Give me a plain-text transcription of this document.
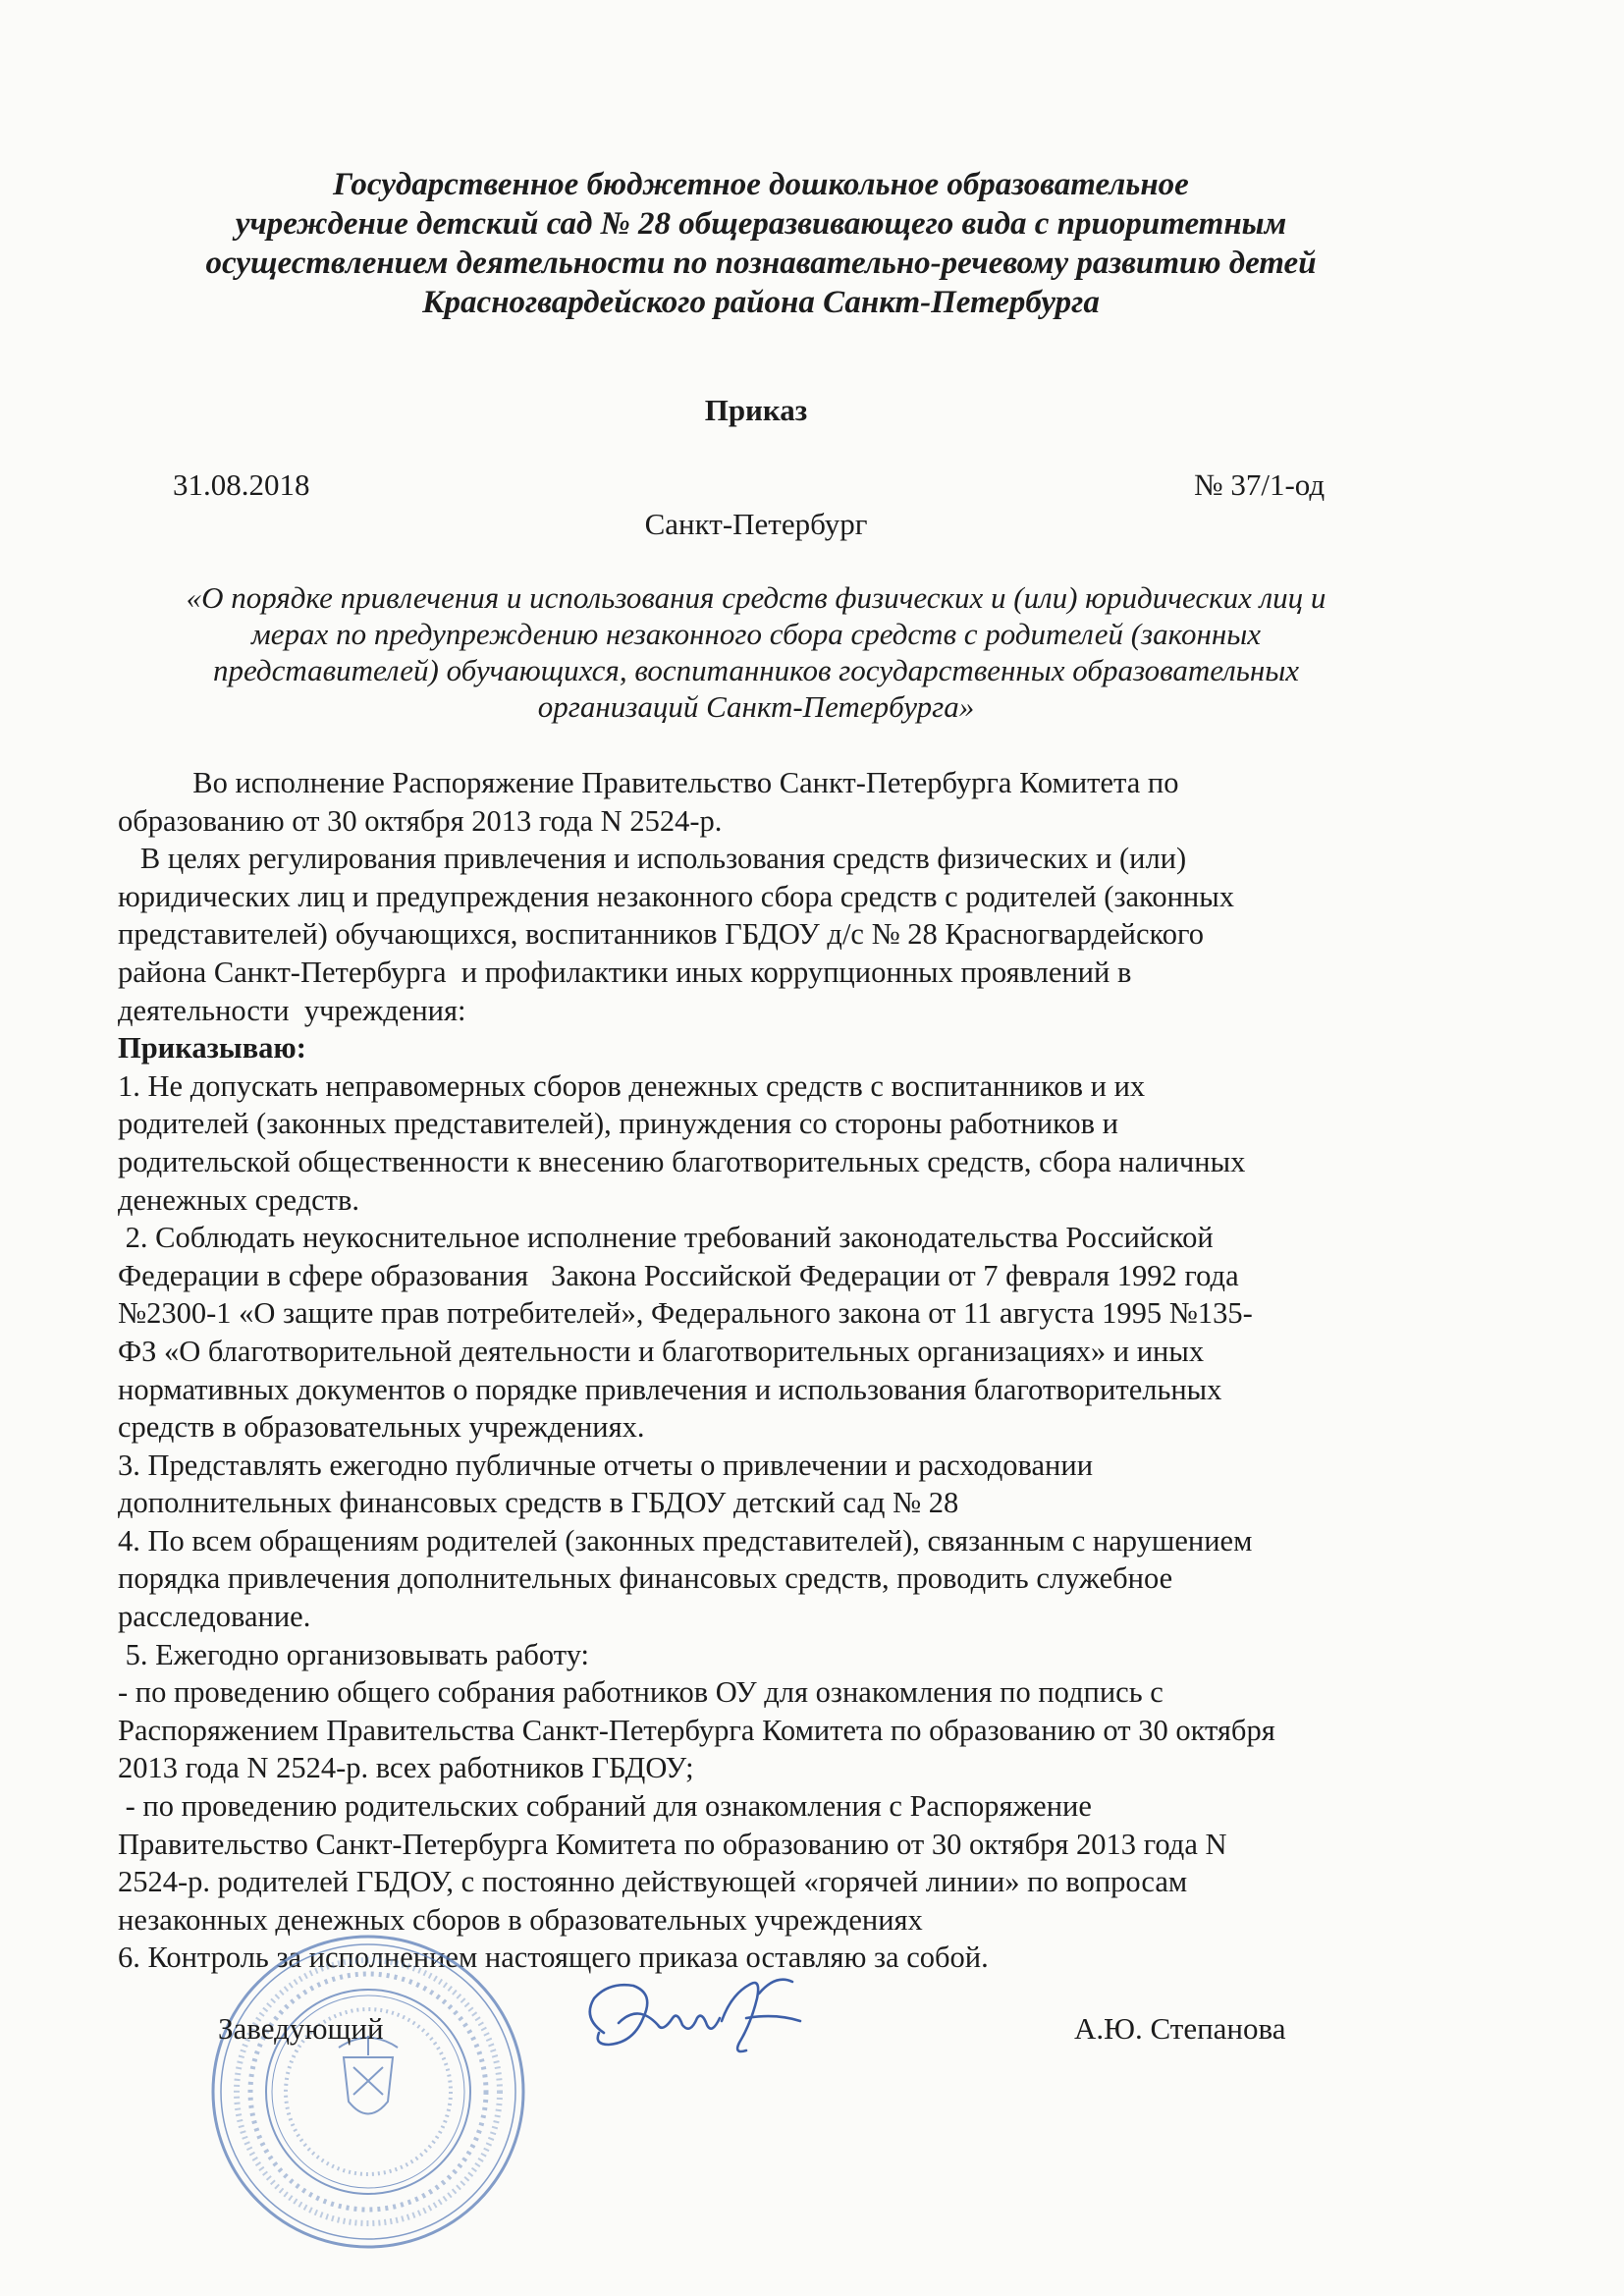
Государственное бюджетное дошкольное образовательное
учреждение детский сад № 28 общеразвивающего вида с приоритетным
осуществлением деятельности по познавательно-речевому развитию детей
Красногвардейского района Санкт-Петербурга
Приказ
31.08.2018	№ 37/1-од
Санкт-Петербург
«О порядке привлечения и использования средств физических и (или) юридических лиц и
мерах по предупреждению незаконного сбора средств с родителей (законных
представителей) обучающихся, воспитанников государственных образовательных
организаций Санкт-Петербурга»
Во исполнение Распоряжение Правительство Санкт-Петербурга Комитета по
образованию от 30 октября 2013 года N 2524-р.
В целях регулирования привлечения и использования средств физических и (или)
юридических лиц и предупреждения незаконного сбора средств с родителей (законных
представителей) обучающихся, воспитанников ГБДОУ д/с № 28 Красногвардейского
района Санкт-Петербурга  и профилактики иных коррупционных проявлений в
деятельности  учреждения:
Приказываю:
1. Не допускать неправомерных сборов денежных средств с воспитанников и их
родителей (законных представителей), принуждения со стороны работников и
родительской общественности к внесению благотворительных средств, сбора наличных
денежных средств.
2. Соблюдать неукоснительное исполнение требований законодательства Российской
Федерации в сфере образования   Закона Российской Федерации от 7 февраля 1992 года
№2300-1 «О защите прав потребителей», Федерального закона от 11 августа 1995 №135-
ФЗ «О благотворительной деятельности и благотворительных организациях» и иных
нормативных документов о порядке привлечения и использования благотворительных
средств в образовательных учреждениях.
3. Представлять ежегодно публичные отчеты о привлечении и расходовании
дополнительных финансовых средств в ГБДОУ детский сад № 28
4. По всем обращениям родителей (законных представителей), связанным с нарушением
порядка привлечения дополнительных финансовых средств, проводить служебное
расследование.
5. Ежегодно организовывать работу:
- по проведению общего собрания работников ОУ для ознакомления по подпись с
Распоряжением Правительства Санкт-Петербурга Комитета по образованию от 30 октября
2013 года N 2524-р. всех работников ГБДОУ;
- по проведению родительских собраний для ознакомления с Распоряжение
Правительство Санкт-Петербурга Комитета по образованию от 30 октября 2013 года N
2524-р. родителей ГБДОУ, с постоянно действующей «горячей линии» по вопросам
незаконных денежных сборов в образовательных учреждениях
6. Контроль за исполнением настоящего приказа оставляю за собой.
Заведующий	А.Ю. Степанова
